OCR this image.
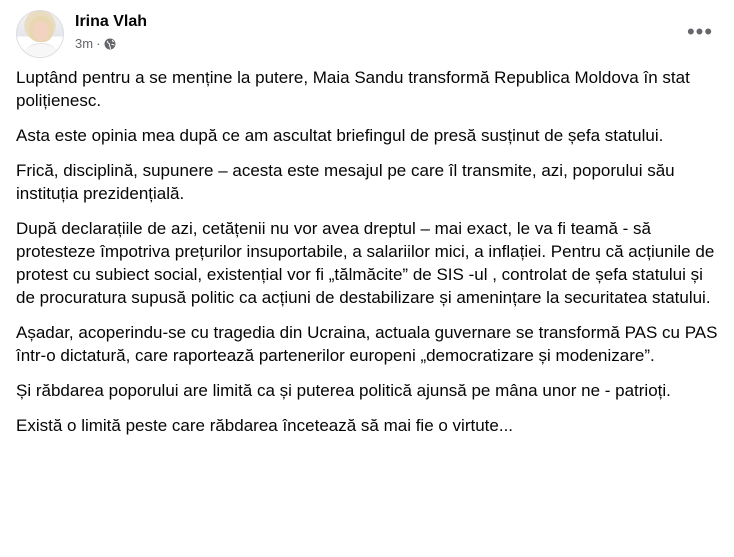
Irina Vlah
3m ·	•••

Luptând pentru a se menține la putere, Maia Sandu transformă Republica Moldova în stat polițienesc.

Asta este opinia mea după ce am ascultat briefingul de presă susținut de șefa statului.

Frică, disciplină, supunere – acesta este mesajul pe care îl transmite, azi, poporului său instituția prezidențială.

După declarațiile de azi, cetățenii nu vor avea dreptul – mai exact, le va fi teamă - să protesteze împotriva prețurilor insuportabile, a salariilor mici, a inflației. Pentru că acțiunile de protest cu subiect social, existențial vor fi „tălmăcite” de SIS -ul , controlat de șefa statului și de procuratura supusă politic ca acțiuni de destabilizare și amenințare la securitatea statului.

Așadar, acoperindu-se cu tragedia din Ucraina, actuala guvernare se transformă PAS cu PAS într-o dictatură, care raportează partenerilor europeni „democratizare și modenizare”.

Și răbdarea poporului are limită ca și puterea politică ajunsă pe mâna unor ne - patrioți.

Există o limită peste care răbdarea încetează să mai fie o virtute...
